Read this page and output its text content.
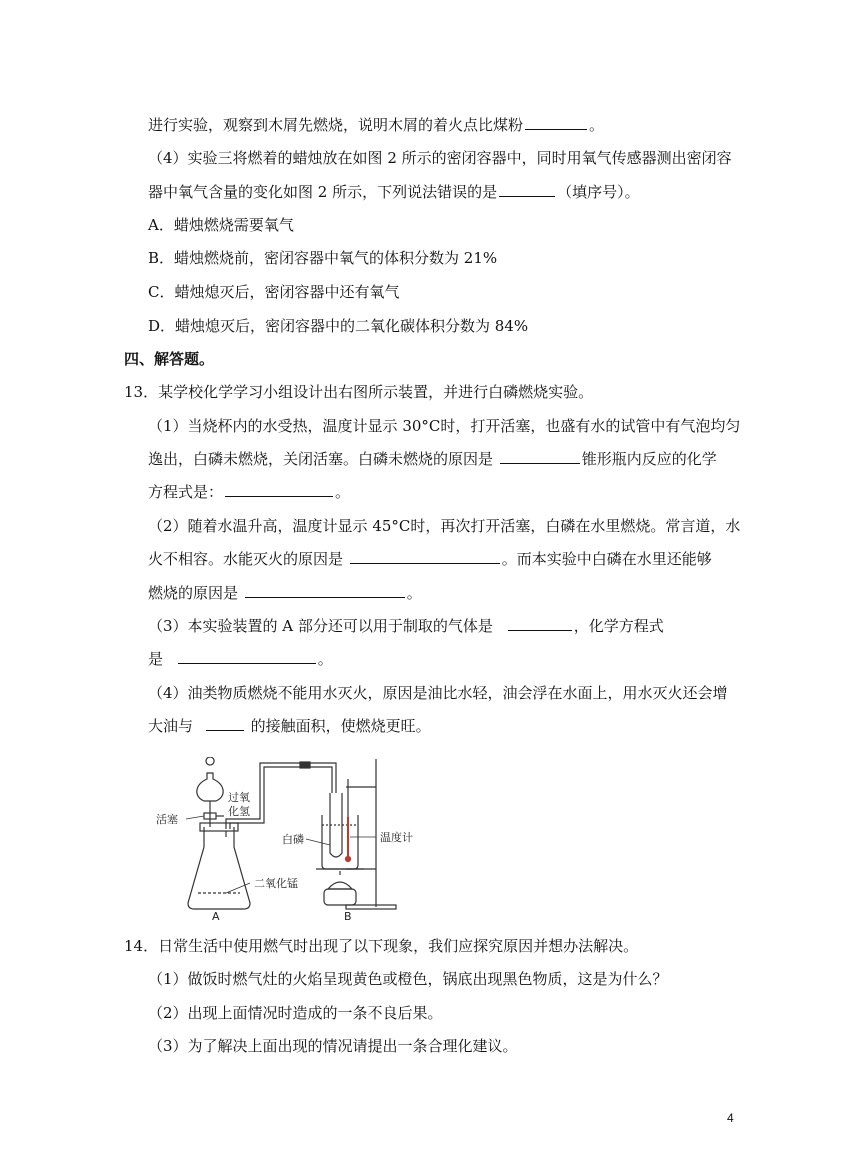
进行实验，观察到木屑先燃烧，说明木屑的着火点比煤粉	。
（4）实验三将燃着的蜡烛放在如图 2 所示的密闭容器中，同时用氧气传感器测出密闭容
器中氧气含量的变化如图 2 所示，下列说法错误的是	（填序号）。
A．蜡烛燃烧需要氧气
B．蜡烛燃烧前，密闭容器中氧气的体积分数为 21%
C．蜡烛熄灭后，密闭容器中还有氧气
D．蜡烛熄灭后，密闭容器中的二氧化碳体积分数为 84%
四、解答题。
13．某学校化学学习小组设计出右图所示装置，并进行白磷燃烧实验。
（1）当烧杯内的水受热，温度计显示 30°C时，打开活塞，也盛有水的试管中有气泡均匀
逸出，白磷未燃烧，关闭活塞。白磷未燃烧的原因是	锥形瓶内反应的化学
方程式是：	。
（2）随着水温升高，温度计显示 45°C时，再次打开活塞，白磷在水里燃烧。常言道，水
火不相容。水能灭火的原因是	。而本实验中白磷在水里还能够
燃烧的原因是	。
（3）本实验装置的 A 部分还可以用于制取的气体是	，化学方程式
是	。
（4）油类物质燃烧不能用水灭火，原因是油比水轻，油会浮在水面上，用水灭火还会增
大油与	的接触面积，使燃烧更旺。
活塞
过氧
化氢
白磷	温度计
二氧化锰
A	B
14．日常生活中使用燃气时出现了以下现象，我们应探究原因并想办法解决。
（1）做饭时燃气灶的火焰呈现黄色或橙色，锅底出现黑色物质，这是为什么？
（2）出现上面情况时造成的一条不良后果。
（3）为了解决上面出现的情况请提出一条合理化建议。
4
